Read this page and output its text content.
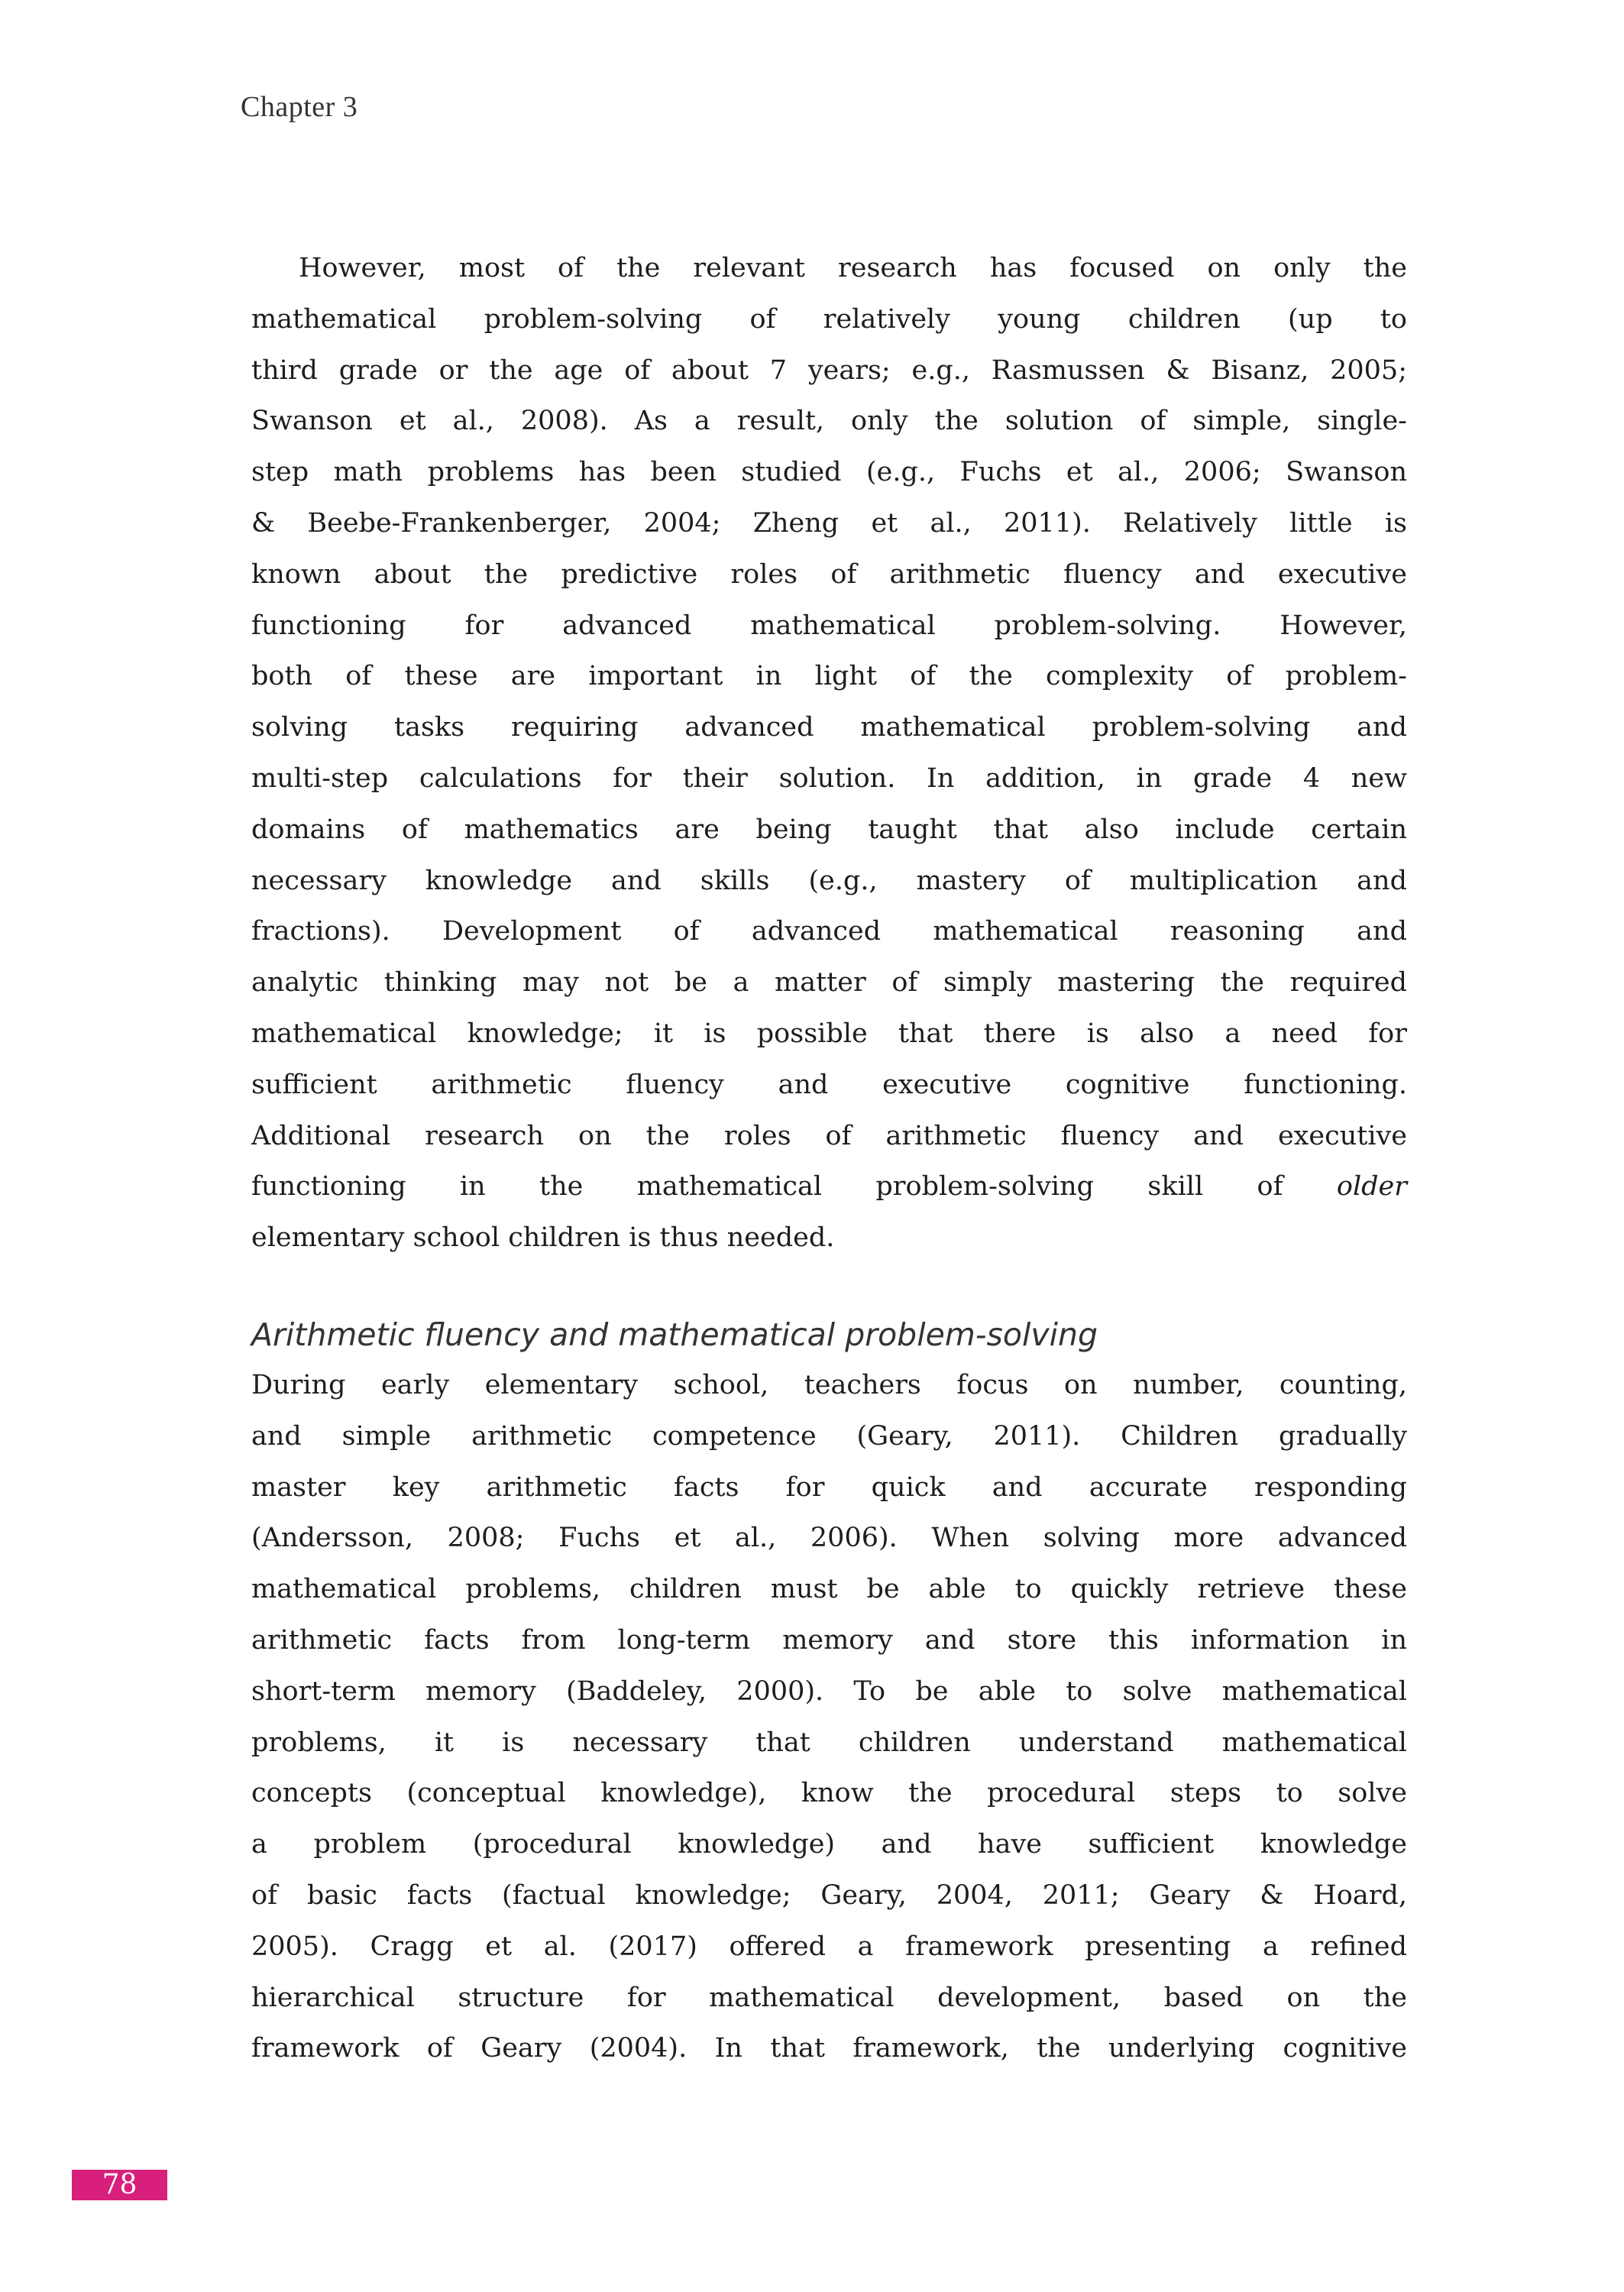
Chapter 3
However, most of the relevant research has focused on only the
mathematical problem-solving of relatively young children (up to
third grade or the age of about 7 years; e.g., Rasmussen & Bisanz, 2005;
Swanson et al., 2008). As a result, only the solution of simple, single-
step math problems has been studied (e.g., Fuchs et al., 2006; Swanson
& Beebe-Frankenberger, 2004; Zheng et al., 2011). Relatively little is
known about the predictive roles of arithmetic fluency and executive
functioning for advanced mathematical problem-solving. However,
both of these are important in light of the complexity of problem-
solving tasks requiring advanced mathematical problem-solving and
multi-step calculations for their solution. In addition, in grade 4 new
domains of mathematics are being taught that also include certain
necessary knowledge and skills (e.g., mastery of multiplication and
fractions). Development of advanced mathematical reasoning and
analytic thinking may not be a matter of simply mastering the required
mathematical knowledge; it is possible that there is also a need for
sufficient arithmetic fluency and executive cognitive functioning.
Additional research on the roles of arithmetic fluency and executive
functioning in the mathematical problem-solving skill of older
elementary school children is thus needed.
Arithmetic fluency and mathematical problem-solving
During early elementary school, teachers focus on number, counting,
and simple arithmetic competence (Geary, 2011). Children gradually
master key arithmetic facts for quick and accurate responding
(Andersson, 2008; Fuchs et al., 2006). When solving more advanced
mathematical problems, children must be able to quickly retrieve these
arithmetic facts from long-term memory and store this information in
short-term memory (Baddeley, 2000). To be able to solve mathematical
problems, it is necessary that children understand mathematical
concepts (conceptual knowledge), know the procedural steps to solve
a problem (procedural knowledge) and have sufficient knowledge
of basic facts (factual knowledge; Geary, 2004, 2011; Geary & Hoard,
2005). Cragg et al. (2017) offered a framework presenting a refined
hierarchical structure for mathematical development, based on the
framework of Geary (2004). In that framework, the underlying cognitive
78
